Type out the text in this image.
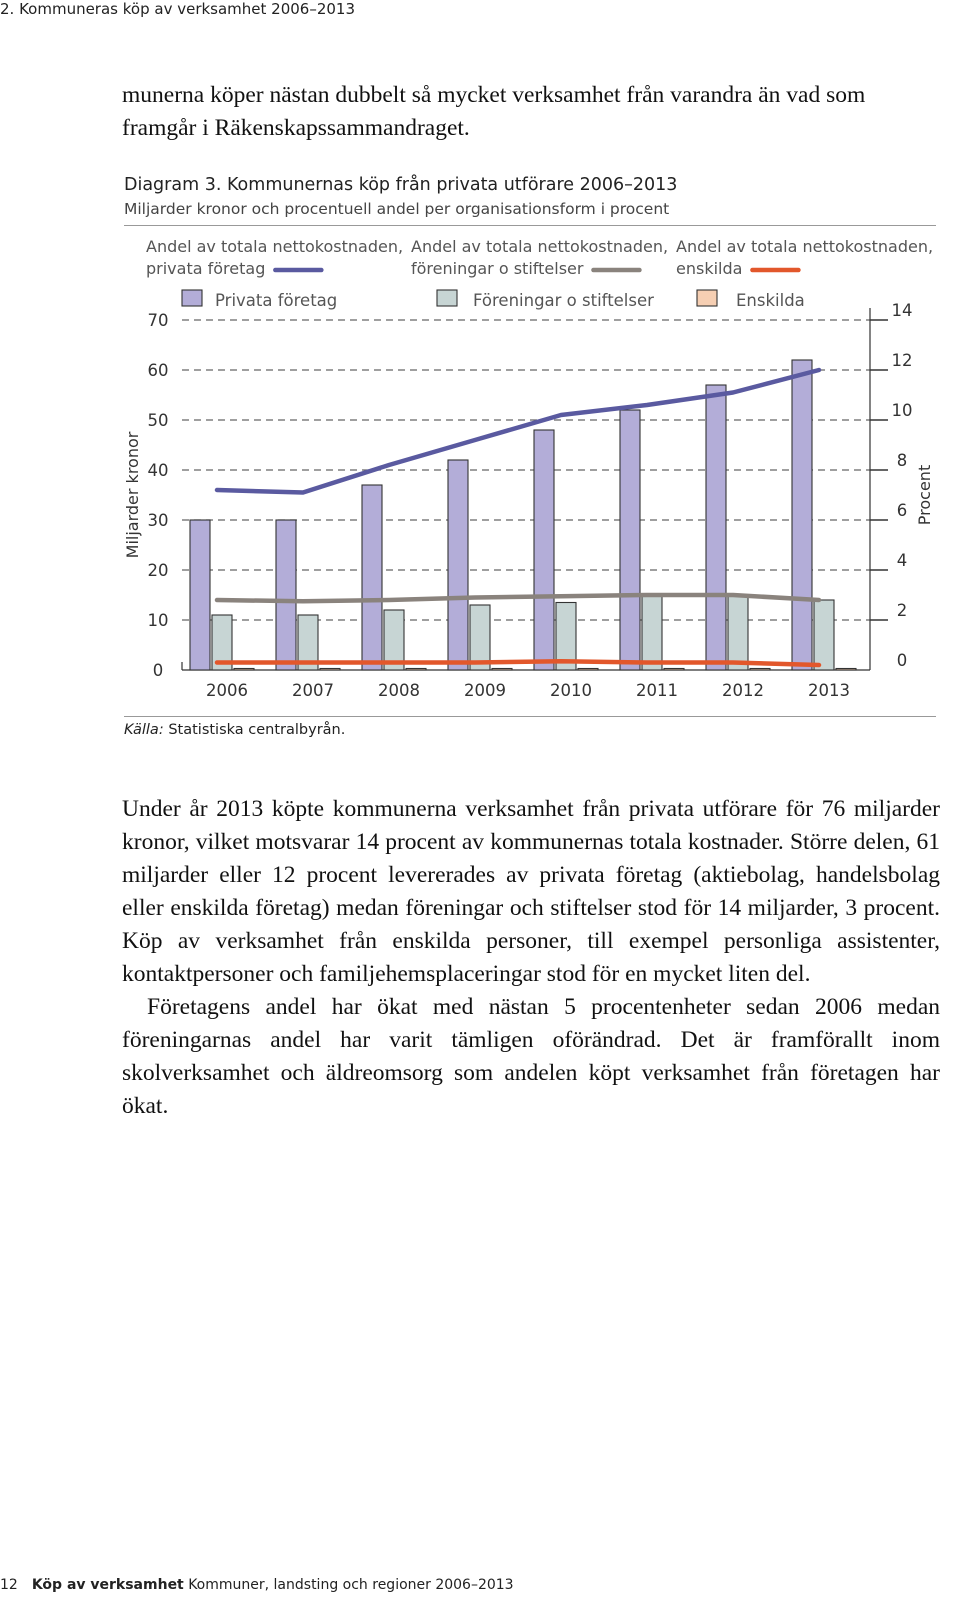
2. Kommuneras köp av verksamhet 2006–2013

munerna köper nästan dubbelt så mycket verksamhet från varandra än vad som framgår i Räkenskapssammandraget.

Diagram 3. Kommunernas köp från privata utförare 2006–2013
Miljarder kronor och procentuell andel per organisationsform i procent
0
10
20
30
40
50
60
70
0
2
4
6
8
10
12
14
Miljarder kronor	Procent
2006	2007	2008	2009	2010	2011	2012	2013
Andel av totala nettokostnaden, privata företag
Andel av totala nettokostnaden, föreningar o stiftelser
Andel av totala nettokostnaden, enskilda
Privata företag	Föreningar o stiftelser	Enskilda
Källa: Statistiska centralbyrån.

Under år 2013 köpte kommunerna verksamhet från privata utförare för 76 miljarder kronor, vilket motsvarar 14 procent av kommunernas totala kostnader. Större delen, 61 miljarder eller 12 procent levererades av privata företag (aktiebolag, handelsbolag eller enskilda företag) medan föreningar och stiftelser stod för 14 miljarder, 3 procent. Köp av verksamhet från enskilda personer, till exempel personliga assistenter, kontaktpersoner och familjehemsplaceringar stod för en mycket liten del.

Företagens andel har ökat med nästan 5 procentenheter sedan 2006 medan föreningarnas andel har varit tämligen oförändrad. Det är framförallt inom skolverksamhet och äldreomsorg som andelen köpt verksamhet från företagen har ökat.

12 Köp av verksamhet Kommuner, landsting och regioner 2006–2013
